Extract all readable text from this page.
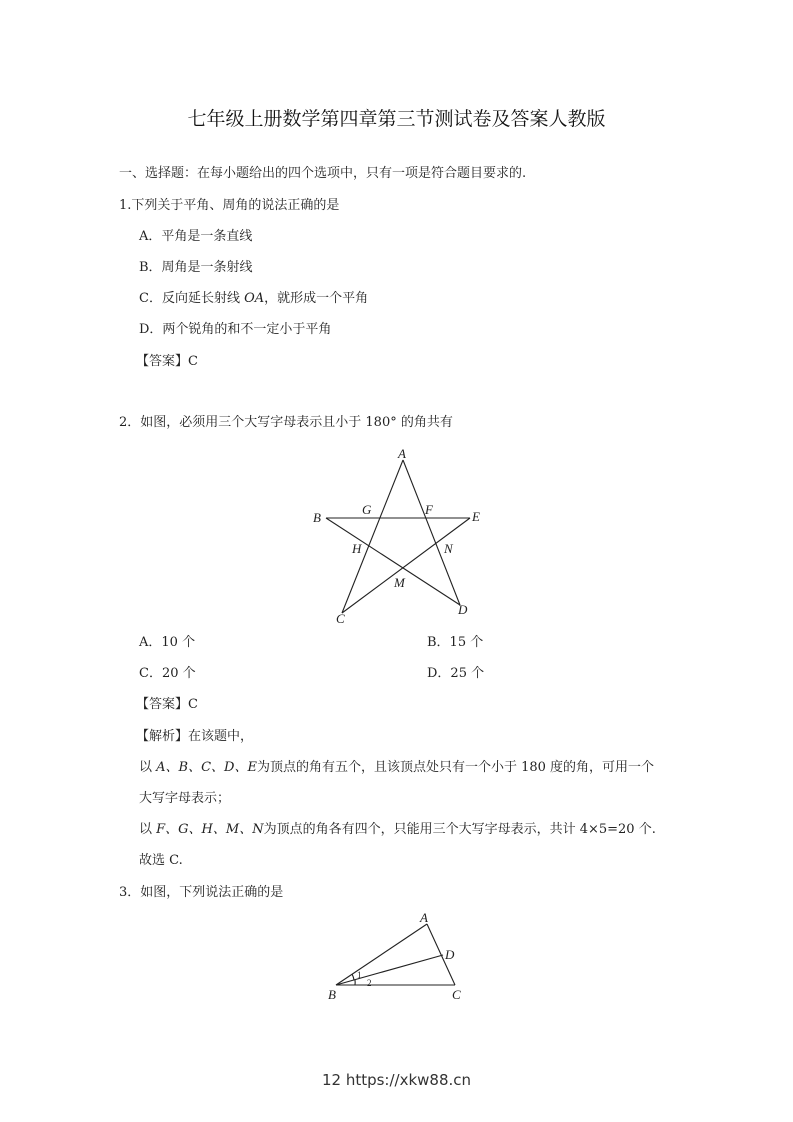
七年级上册数学第四章第三节测试卷及答案人教版
一、选择题：在每小题给出的四个选项中，只有一项是符合题目要求的.
1.下列关于平角、周角的说法正确的是
A．平角是一条直线
B．周角是一条射线
C．反向延长射线 OA，就形成一个平角
D．两个锐角的和不一定小于平角
【答案】C
2．如图，必须用三个大写字母表示且小于 180° 的角共有
A
B	E
C
D
G	F
H	N
M
A
D
B	C
1
2
A．10 个	B．15 个
C．20 个	D．25 个
【答案】C
【解析】在该题中，
以 A、B、C、D、E为顶点的角有五个，且该顶点处只有一个小于 180 度的角，可用一个
大写字母表示；
以 F、G、H、M、N为顶点的角各有四个，只能用三个大写字母表示，共计 4×5=20 个.
故选 C.
3．如图，下列说法正确的是
12 https://xkw88.cn
